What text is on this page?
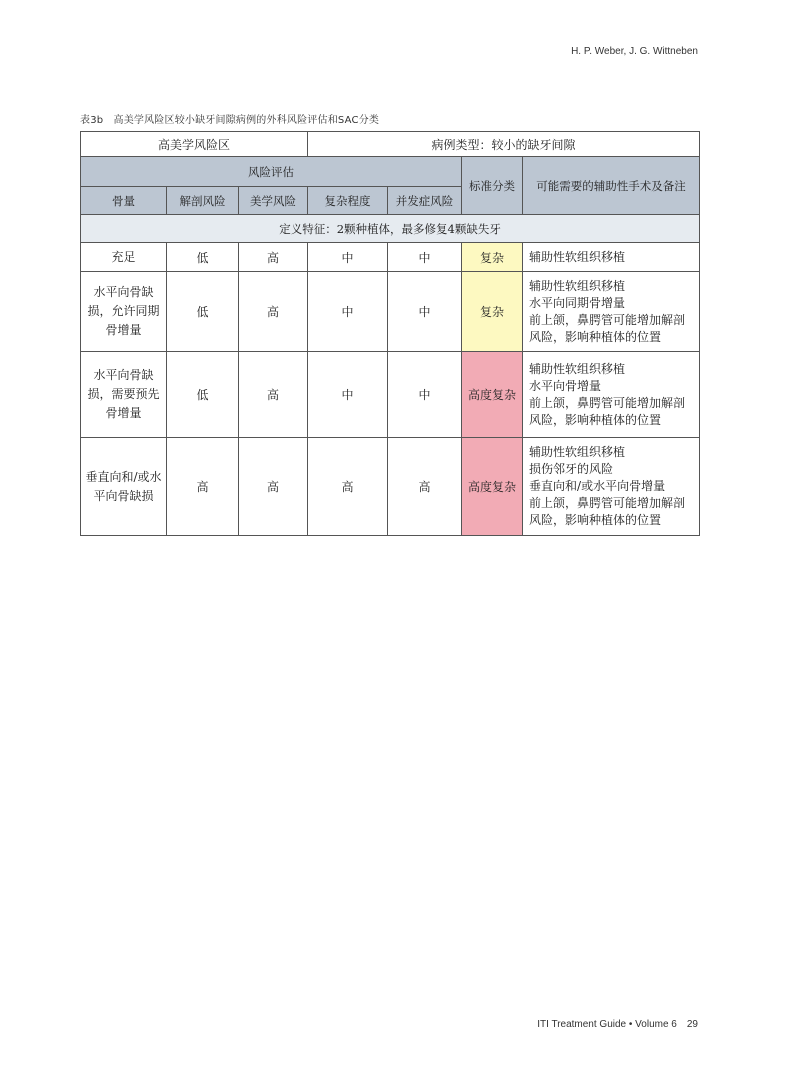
H. P. Weber, J. G. Wittneben
表3b　高美学风险区较小缺牙间隙病例的外科风险评估和SAC分类
高美学风险区			病例类型：较小的缺牙间隙			
风险评估					标准分类	可能需要的辅助性手术及备注
骨量	解剖风险	美学风险	复杂程度	并发症风险		
定义特征：2颗种植体，最多修复4颗缺失牙						
充足	低	高	中	中	复杂	辅助性软组织移植

水平向骨缺损，允许同期骨增量	低	高	中	中	复杂	辅助性软组织移植
水平向同期骨增量
前上颌，鼻腭管可能增加解剖
风险，影响种植体的位置

水平向骨缺损，需要预先骨增量	低	高	中	中	高度复杂	辅助性软组织移植
水平向骨增量
前上颌，鼻腭管可能增加解剖
风险，影响种植体的位置

垂直向和/或水平向骨缺损	高	高	高	高	高度复杂	辅助性软组织移植
损伤邻牙的风险
垂直向和/或水平向骨增量
前上颌，鼻腭管可能增加解剖
风险，影响种植体的位置
ITI Treatment Guide • Volume 6　29
